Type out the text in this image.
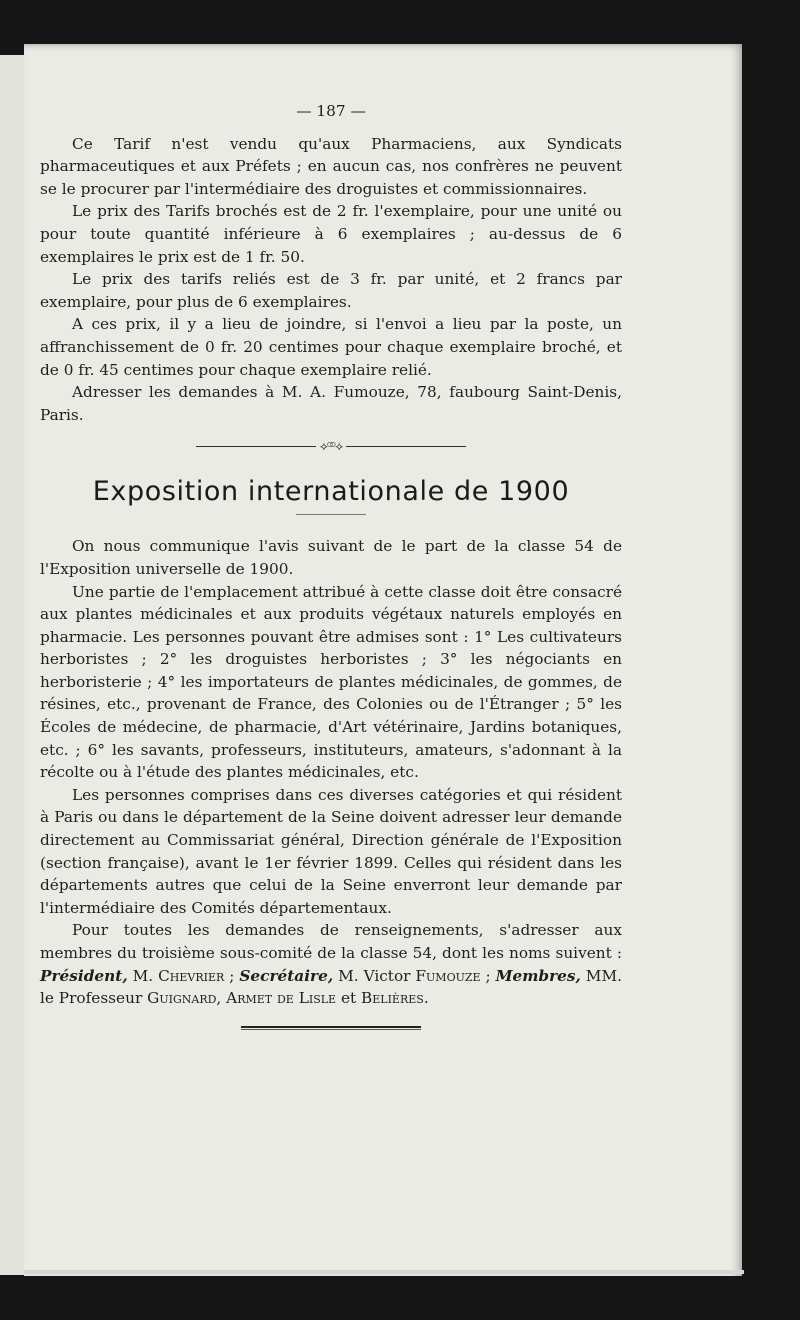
— 187 —

Ce Tarif n'est vendu qu'aux Pharmaciens, aux Syndicats pharmaceutiques et aux Préfets ; en aucun cas, nos confrères ne peuvent se le procurer par l'intermédiaire des droguistes et commissionnaires.

Le prix des Tarifs brochés est de 2 fr. l'exemplaire, pour une unité ou pour toute quantité inférieure à 6 exemplaires ; au-dessus de 6 exemplaires le prix est de 1 fr. 50.

Le prix des tarifs reliés est de 3 fr. par unité, et 2 francs par exemplaire, pour plus de 6 exemplaires.

A ces prix, il y a lieu de joindre, si l'envoi a lieu par la poste, un affranchissement de 0 fr. 20 centimes pour chaque exemplaire broché, et de 0 fr. 45 centimes pour chaque exemplaire relié.

Adresser les demandes à M. A. Fumouze, 78, faubourg Saint-Denis, Paris.

⟡⚭⟡
Exposition internationale de 1900

On nous communique l'avis suivant de le part de la classe 54 de l'Exposition universelle de 1900.

Une partie de l'emplacement attribué à cette classe doit être consacré aux plantes médicinales et aux produits végétaux naturels employés en pharmacie. Les personnes pouvant être admises sont : 1° Les cultivateurs herboristes ; 2° les droguistes herboristes ; 3° les négociants en herboristerie ; 4° les importateurs de plantes médicinales, de gommes, de résines, etc., provenant de France, des Colonies ou de l'Étranger ; 5° les Écoles de médecine, de pharmacie, d'Art vétérinaire, Jardins botaniques, etc. ; 6° les savants, professeurs, instituteurs, amateurs, s'adonnant à la récolte ou à l'étude des plantes médicinales, etc.

Les personnes comprises dans ces diverses catégories et qui résident à Paris ou dans le département de la Seine doivent adresser leur demande directement au Commissariat général, Direction générale de l'Exposition (section française), avant le 1er février 1899. Celles qui résident dans les départements autres que celui de la Seine enverront leur demande par l'intermédiaire des Comités départementaux.

Pour toutes les demandes de renseignements, s'adresser aux membres du troisième sous-comité de la classe 54, dont les noms suivent : Président, M. Chevrier ; Secrétaire, M. Victor Fumouze ; Membres, MM. le Professeur Guignard, Armet de Lisle et Belières.
